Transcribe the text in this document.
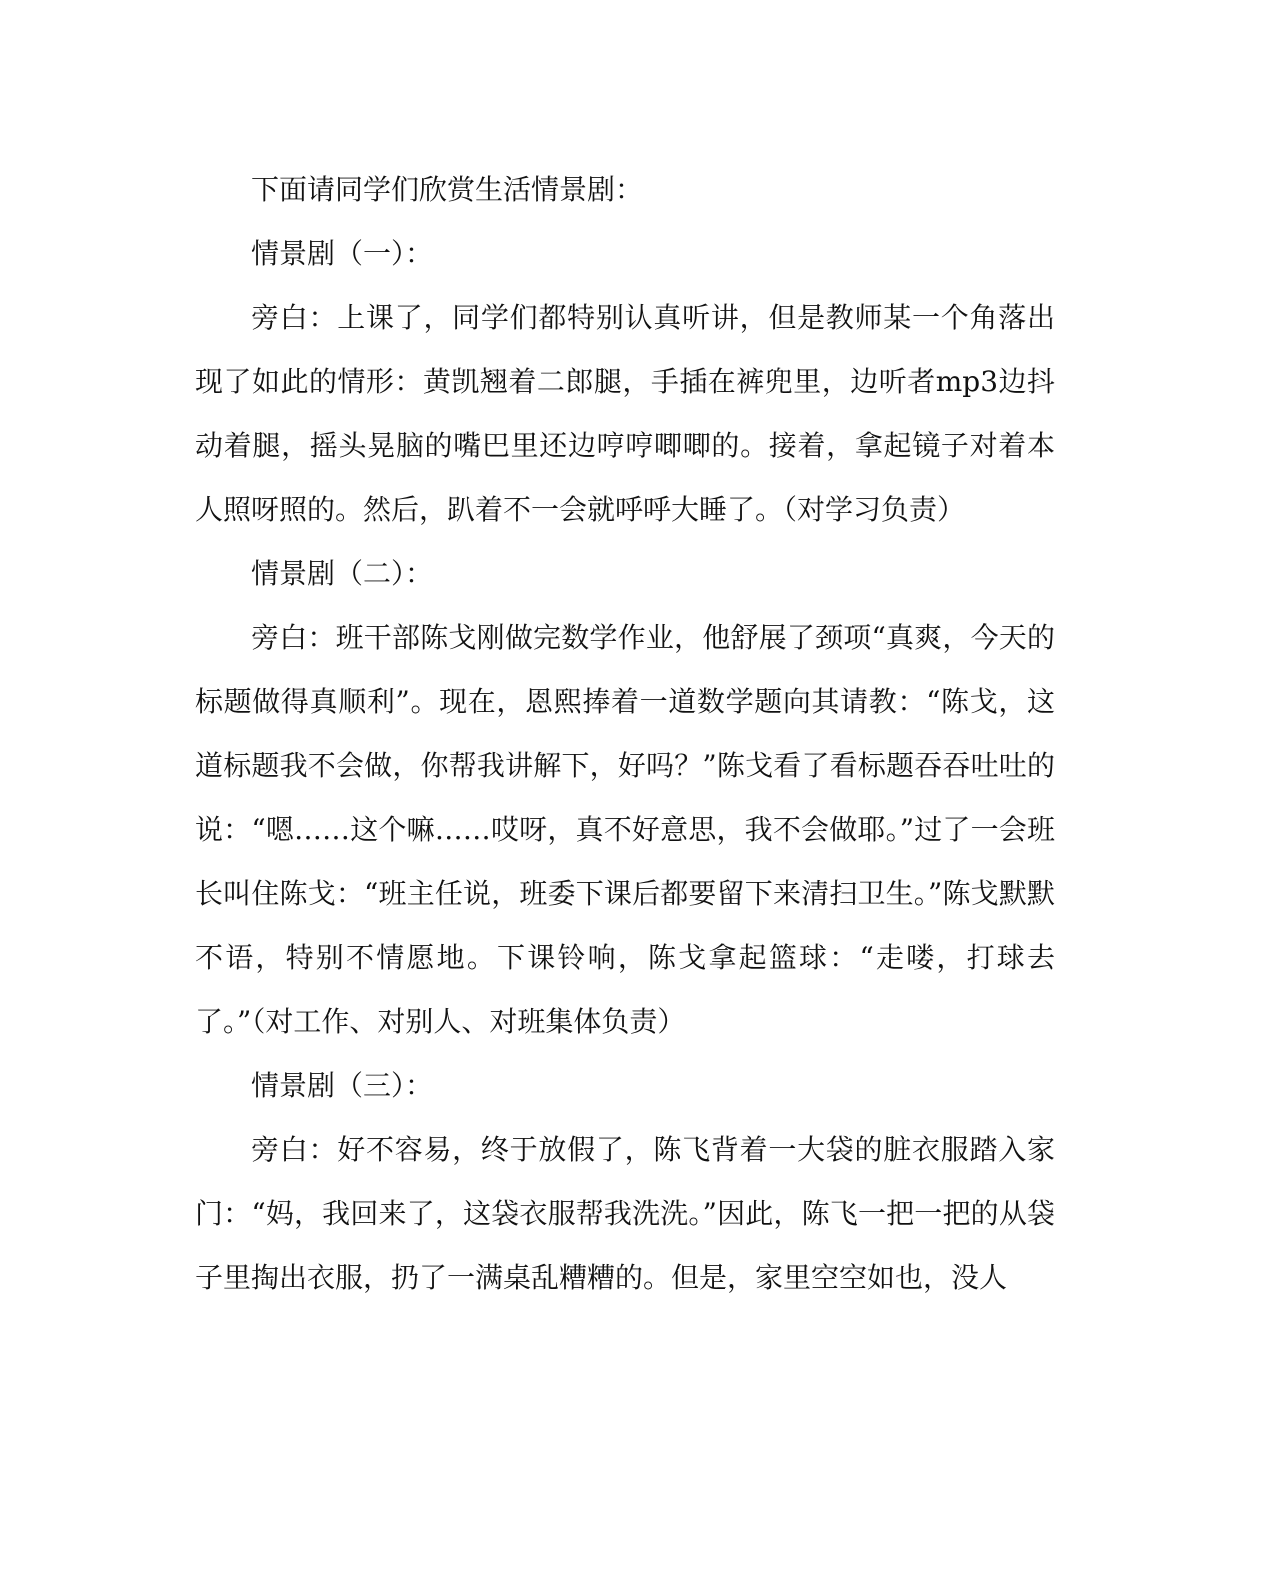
下面请同学们欣赏生活情景剧：

情景剧（一）：

旁白：上课了，同学们都特别认真听讲，但是教师某一个角落出现了如此的情形：黄凯翘着二郎腿，手插在裤兜里，边听者mp3边抖动着腿，摇头晃脑的嘴巴里还边哼哼唧唧的。接着，拿起镜子对着本人照呀照的。然后，趴着不一会就呼呼大睡了。（对学习负责）

情景剧（二）：

旁白：班干部陈戈刚做完数学作业，他舒展了颈项“真爽，今天的标题做得真顺利”。现在，恩熙捧着一道数学题向其请教：“陈戈，这道标题我不会做，你帮我讲解下，好吗？”陈戈看了看标题吞吞吐吐的说：“嗯……这个嘛……哎呀，真不好意思，我不会做耶。”过了一会班长叫住陈戈：“班主任说，班委下课后都要留下来清扫卫生。”陈戈默默不语，特别不情愿地。下课铃响，陈戈拿起篮球：“走喽，打球去了。”（对工作、对别人、对班集体负责）

情景剧（三）：

旁白：好不容易，终于放假了，陈飞背着一大袋的脏衣服踏入家门：“妈，我回来了，这袋衣服帮我洗洗。”因此，陈飞一把一把的从袋子里掏出衣服，扔了一满桌乱糟糟的。但是，家里空空如也，没人
